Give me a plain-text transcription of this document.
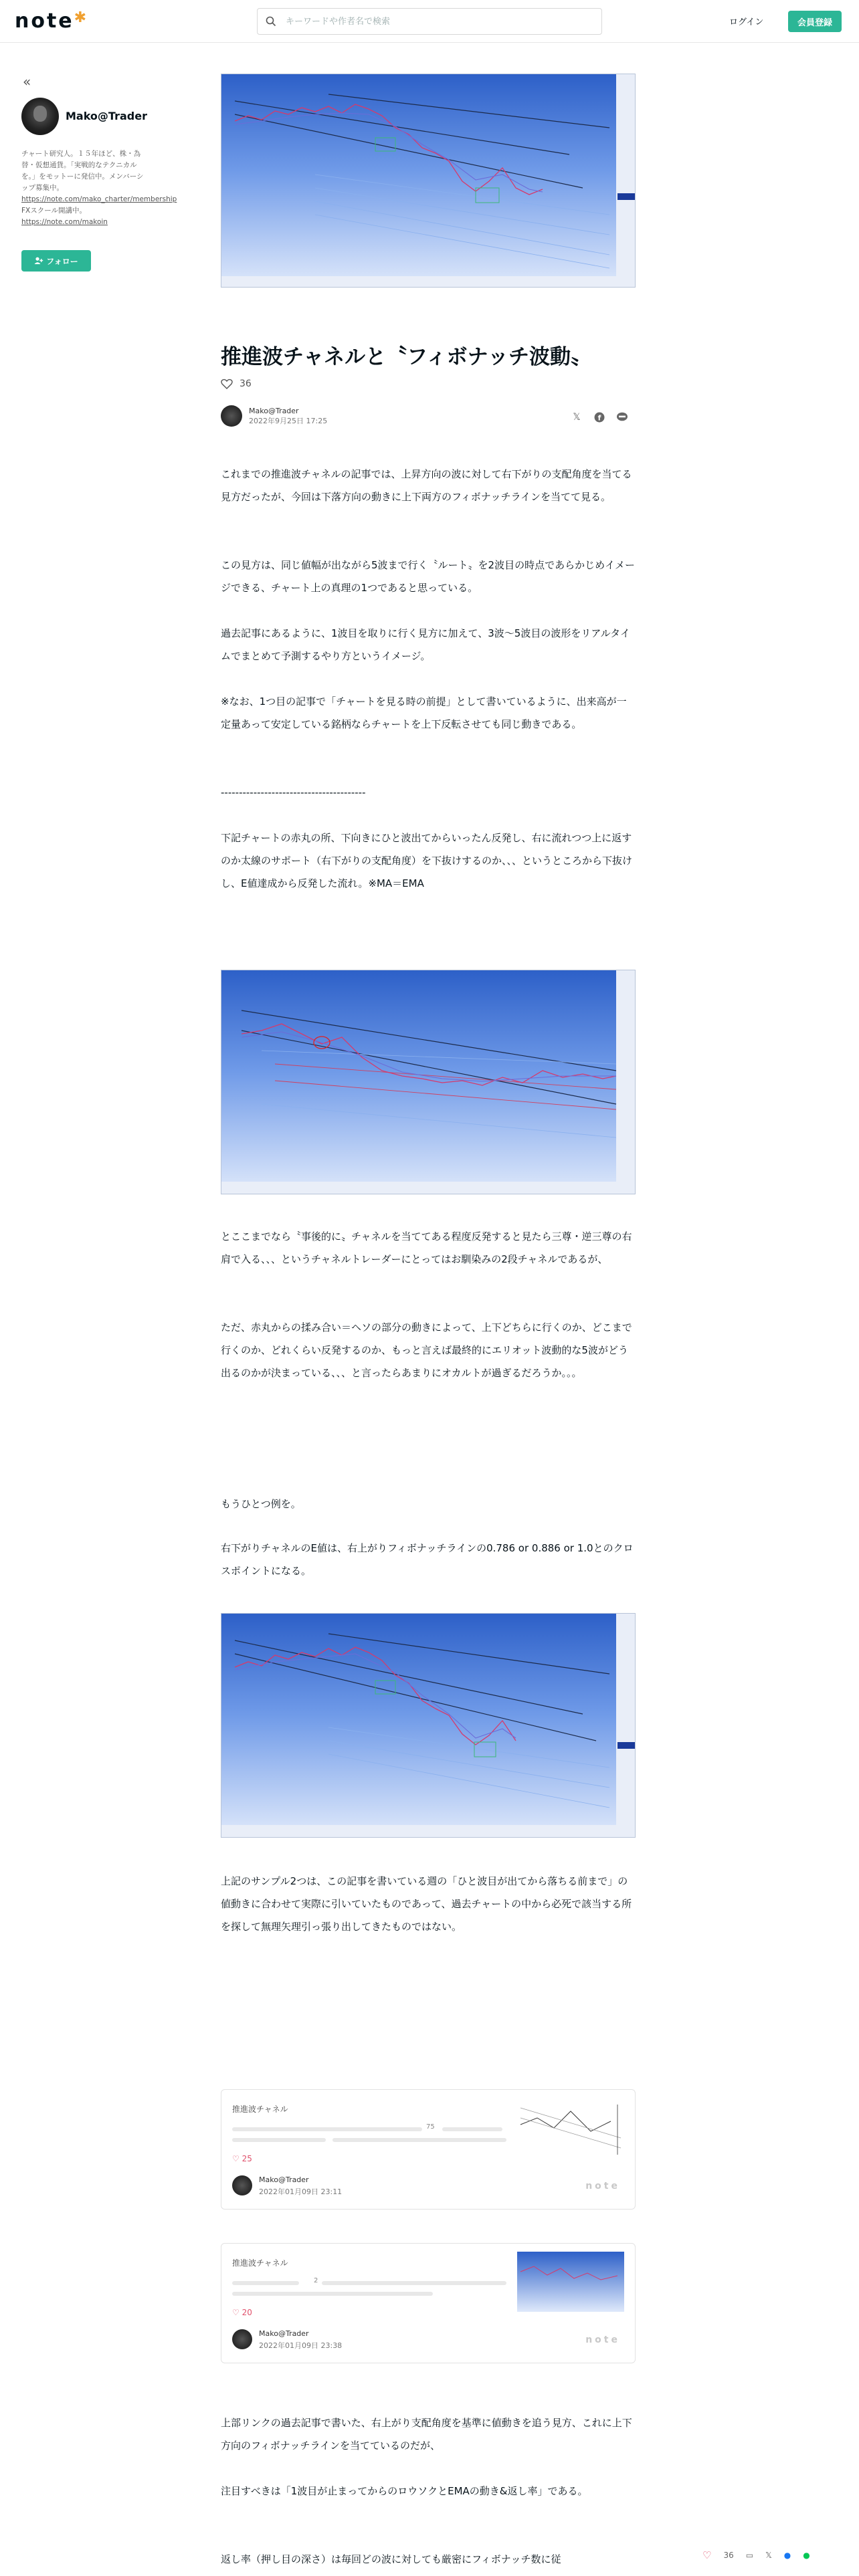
note✱
キーワードや作者名で検索	ログイン	会員登録
«
Mako@Trader
チャート研究人。１５年ほど、株・為替・仮想通貨。「実戦的なテクニカルを。」をモットーに発信中。メンバーシップ募集中。
https://note.com/mako_charter/membership FXスクール開講中。
https://note.com/makoin
フォロー
推進波チャネルと〝フィボナッチ波動〟
36
Mako@Trader
2022年9月25日 17:25	𝕏	f
これまでの推進波チャネルの記事では、上昇方向の波に対して右下がりの支配角度を当てる見方だったが、今回は下落方向の動きに上下両方のフィボナッチラインを当てて見る。
この見方は、同じ値幅が出ながら5波まで行く〝ルート〟を2波目の時点であらかじめイメージできる、チャート上の真理の1つであると思っている。
過去記事にあるように、1波目を取りに行く見方に加えて、3波〜5波目の波形をリアルタイムでまとめて予測するやり方というイメージ。
※なお、1つ目の記事で「チャートを見る時の前提」として書いているように、出来高が一定量あって安定している銘柄ならチャートを上下反転させても同じ動きである。
----------------------------------------
下記チャートの赤丸の所、下向きにひと波出てからいったん反発し、右に流れつつ上に返すのか太線のサポート（右下がりの支配角度）を下抜けするのか、、、というところから下抜けし、E値達成から反発した流れ。※MA＝EMA
とここまでなら〝事後的に〟チャネルを当ててある程度反発すると見たら三尊・逆三尊の右肩で入る、、、というチャネルトレーダーにとってはお馴染みの2段チャネルであるが、
ただ、赤丸からの揉み合い＝ヘソの部分の動きによって、上下どちらに行くのか、どこまで行くのか、どれくらい反発するのか、もっと言えば最終的にエリオット波動的な5波がどう出るのかが決まっている、、、と言ったらあまりにオカルトが過ぎるだろうか。。。
もうひとつ例を。
右下がりチャネルのE値は、右上がりフィボナッチラインの0.786 or 0.886 or 1.0とのクロスポイントになる。
上記のサンプル2つは、この記事を書いている週の「ひと波目が出てから落ちる前まで」の値動きに合わせて実際に引いていたものであって、過去チャートの中から必死で該当する所を探して無理矢理引っ張り出してきたものではない。
推進波チャネル
75
♡ 25
Mako@Trader
2022年01月09日 23:11
note
推進波チャネル
2
♡ 20
Mako@Trader
2022年01月09日 23:38
note
上部リンクの過去記事で書いた、右上がり支配角度を基準に値動きを追う見方、これに上下方向のフィボナッチラインを当てているのだが、
注目すべきは「1波目が止まってからのロウソクとEMAの動き&返し率」である。
返し率（押し目の深さ）は毎回どの波に対しても厳密にフィボナッチ数に従	♡ 36 ▭ 𝕏 ● ●
